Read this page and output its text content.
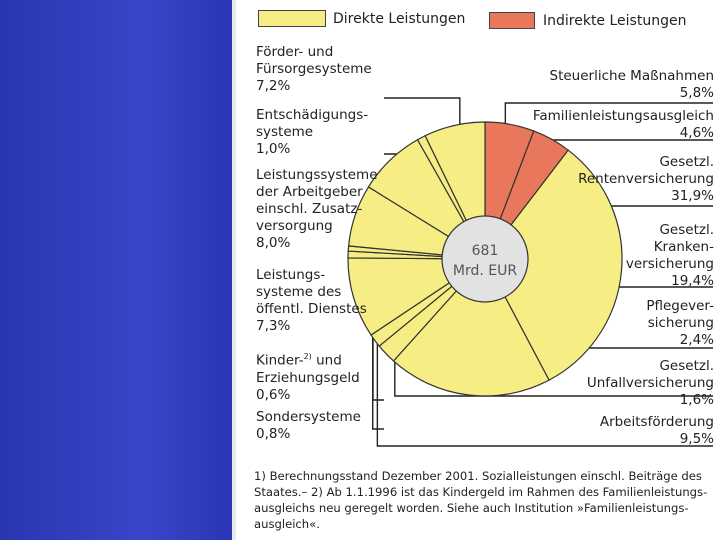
681
Mrd. EUR
Direkte Leistungen	Indirekte Leistungen
Steuerliche Maßnahmen
5,8%
Familienleistungsausgleich
4,6%
Gesetzl.
Rentenversicherung
31,9%
Gesetzl.
Kranken-
versicherung
19,4%
Pflegever-
sicherung
2,4%
Gesetzl.
Unfallversicherung
1,6%
Arbeitsförderung
9,5%
Förder- und
Fürsorgesysteme
7,2%
Entschädigungs-
systeme
1,0%
Leistungssysteme
der Arbeitgeber
einschl. Zusatz-
versorgung
8,0%
Leistungs-
systeme des
öffentl. Dienstes
7,3%
Kinder-$^{2)}$ und
Erziehungsgeld
0,6%
Sondersysteme
0,8%
1) Berechnungsstand Dezember 2001. Sozialleistungen einschl. Beiträge des Staates.– 2) Ab 1.1.1996 ist das Kindergeld im Rahmen des Familienleistungsausgleichs neu geregelt worden. Siehe auch Institution »Familienleistungsausgleich«.
